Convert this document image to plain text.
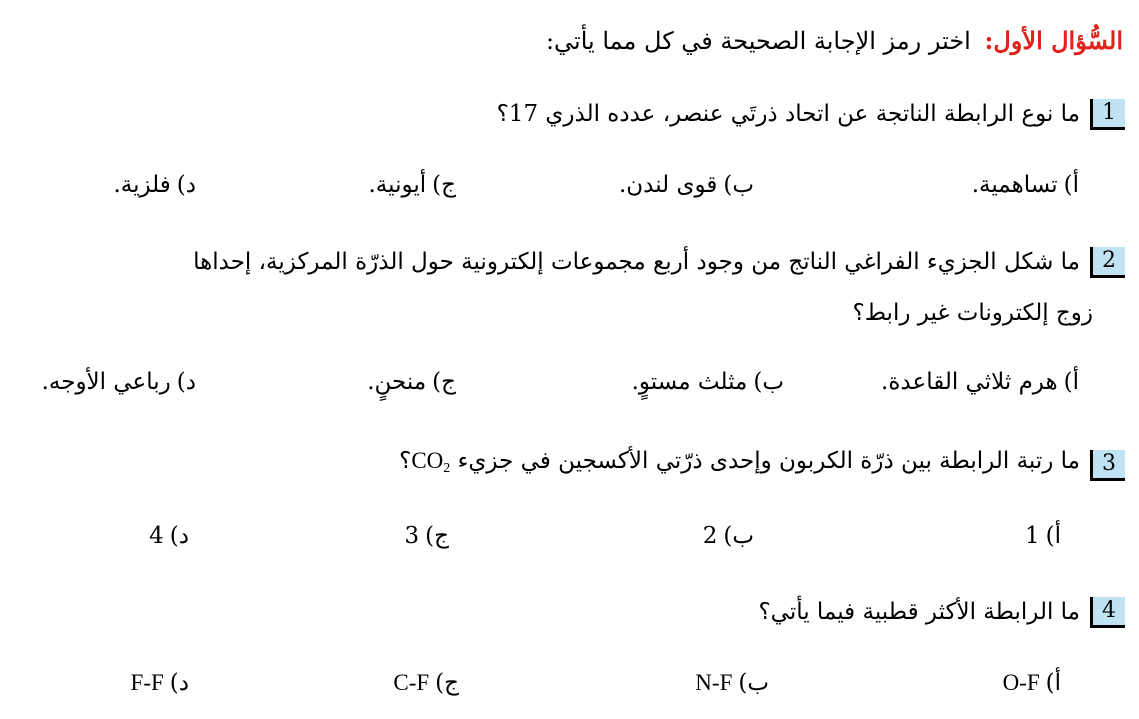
السُّؤال الأول: اختر رمز الإجابة الصحيحة في كل مما يأتي:
1
ما نوع الرابطة الناتجة عن اتحاد ذرتَي عنصر، عدده الذري 17؟
أ)تساهمية.
ب)قوى لندن.
ج)أيونية.
د)فلزية.
2
ما شكل الجزيء الفراغي الناتج من وجود أربع مجموعات إلكترونية حول الذرّة المركزية، إحداها
زوج إلكترونات غير رابط؟
أ)هرم ثلاثي القاعدة.
ب)مثلث مستوٍ.
ج)منحنٍ.
د)رباعي الأوجه.
3
ما رتبة الرابطة بين ذرّة الكربون وإحدى ذرّتي الأكسجين في جزيء $CO_2؟$
أ)1
ب)2
ج)3
د)4
4
ما الرابطة الأكثر قطبية فيما يأتي؟
أ)O-F
ب)N-F
ج)C-F
د)F-F
